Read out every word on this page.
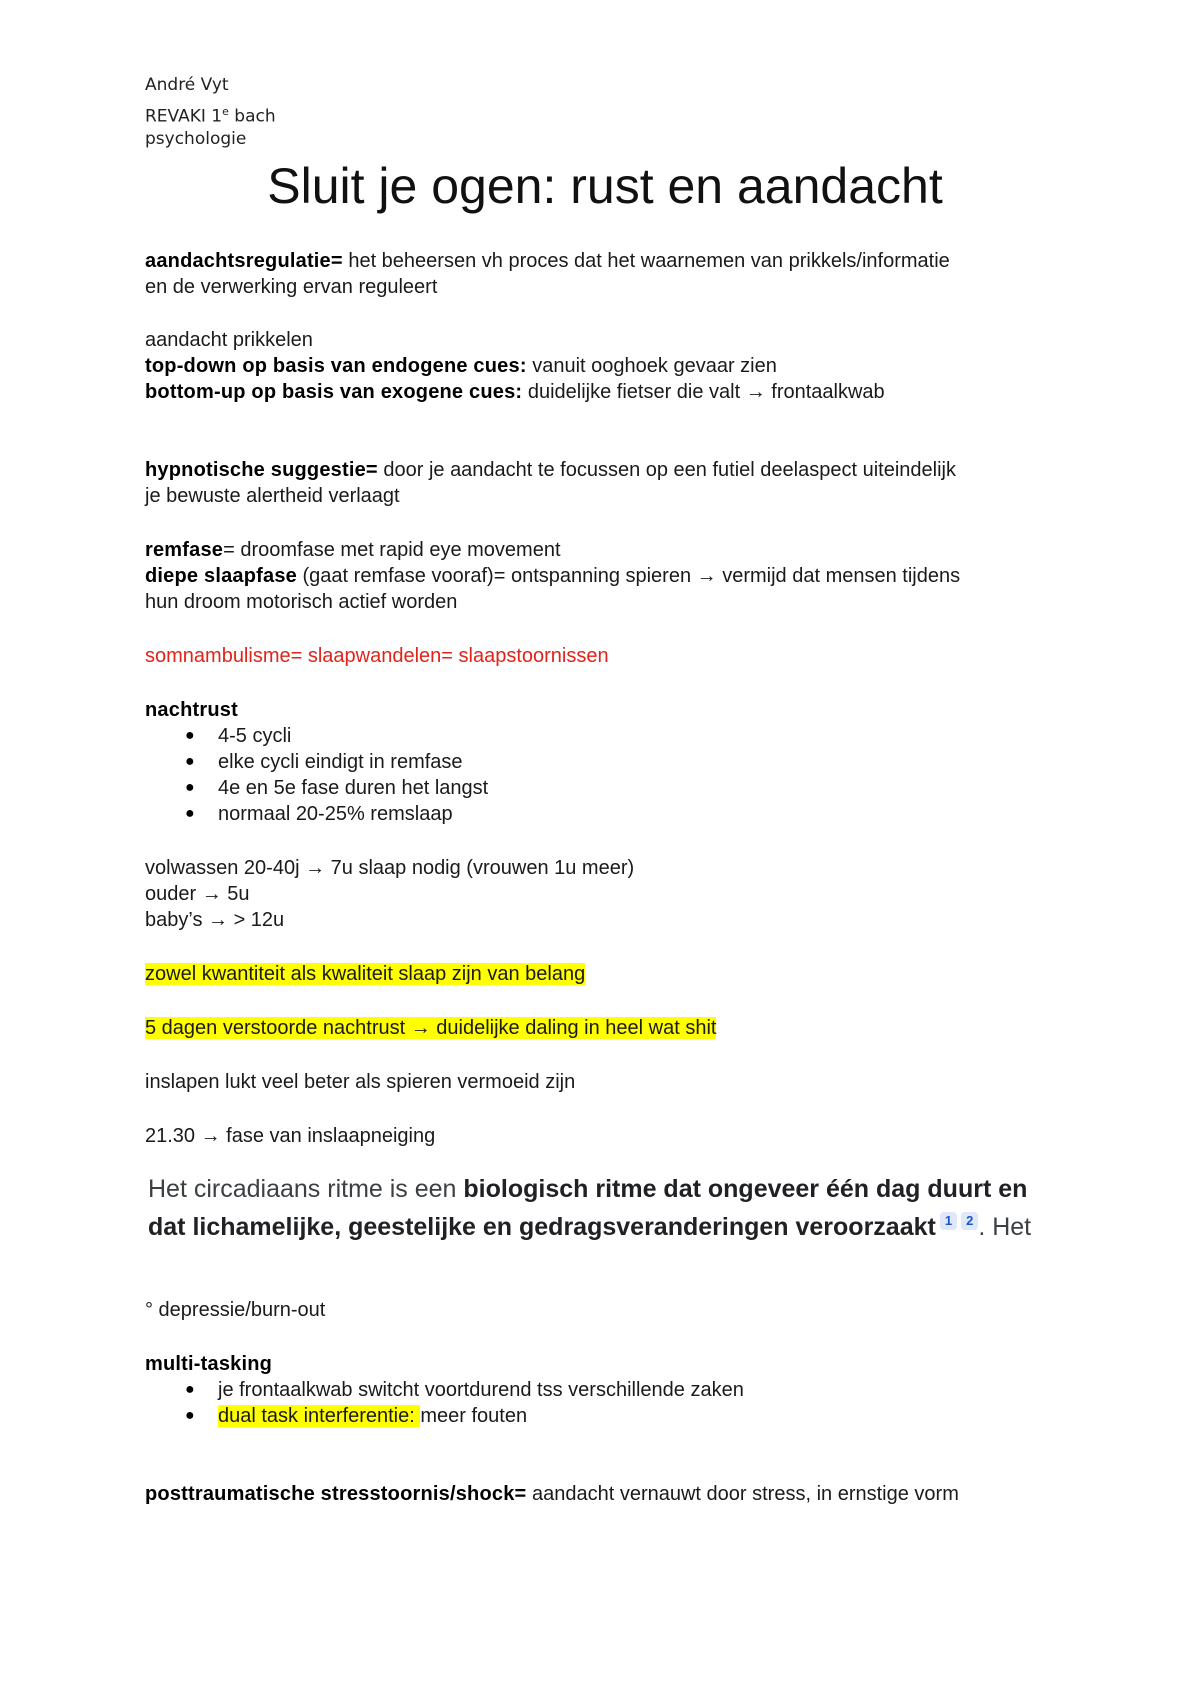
André Vyt
REVAKI 1e bach
psychologie
Sluit je ogen: rust en aandacht
aandachtsregulatie= het beheersen vh proces dat het waarnemen van prikkels/informatie
en de verwerking ervan reguleert
aandacht prikkelen
top-down op basis van endogene cues: vanuit ooghoek gevaar zien
bottom-up op basis van exogene cues: duidelijke fietser die valt → frontaalkwab
hypnotische suggestie= door je aandacht te focussen op een futiel deelaspect uiteindelijk
je bewuste alertheid verlaagt
remfase= droomfase met rapid eye movement
diepe slaapfase (gaat remfase vooraf)= ontspanning spieren → vermijd dat mensen tijdens
hun droom motorisch actief worden
somnambulisme= slaapwandelen= slaapstoornissen
nachtrust
● 4-5 cycli
● elke cycli eindigt in remfase
● 4e en 5e fase duren het langst
● normaal 20-25% remslaap
volwassen 20-40j → 7u slaap nodig (vrouwen 1u meer)
ouder → 5u
baby’s → > 12u
zowel kwantiteit als kwaliteit slaap zijn van belang
5 dagen verstoorde nachtrust → duidelijke daling in heel wat shit
inslapen lukt veel beter als spieren vermoeid zijn
21.30 → fase van inslaapneiging
Het circadiaans ritme is een biologisch ritme dat ongeveer één dag duurt en
dat lichamelijke, geestelijke en gedragsveranderingen veroorzaakt 1 2 . Het
° depressie/burn-out
multi-tasking
● je frontaalkwab switcht voortdurend tss verschillende zaken
● dual task interferentie: meer fouten
posttraumatische stresstoornis/shock= aandacht vernauwt door stress, in ernstige vorm
